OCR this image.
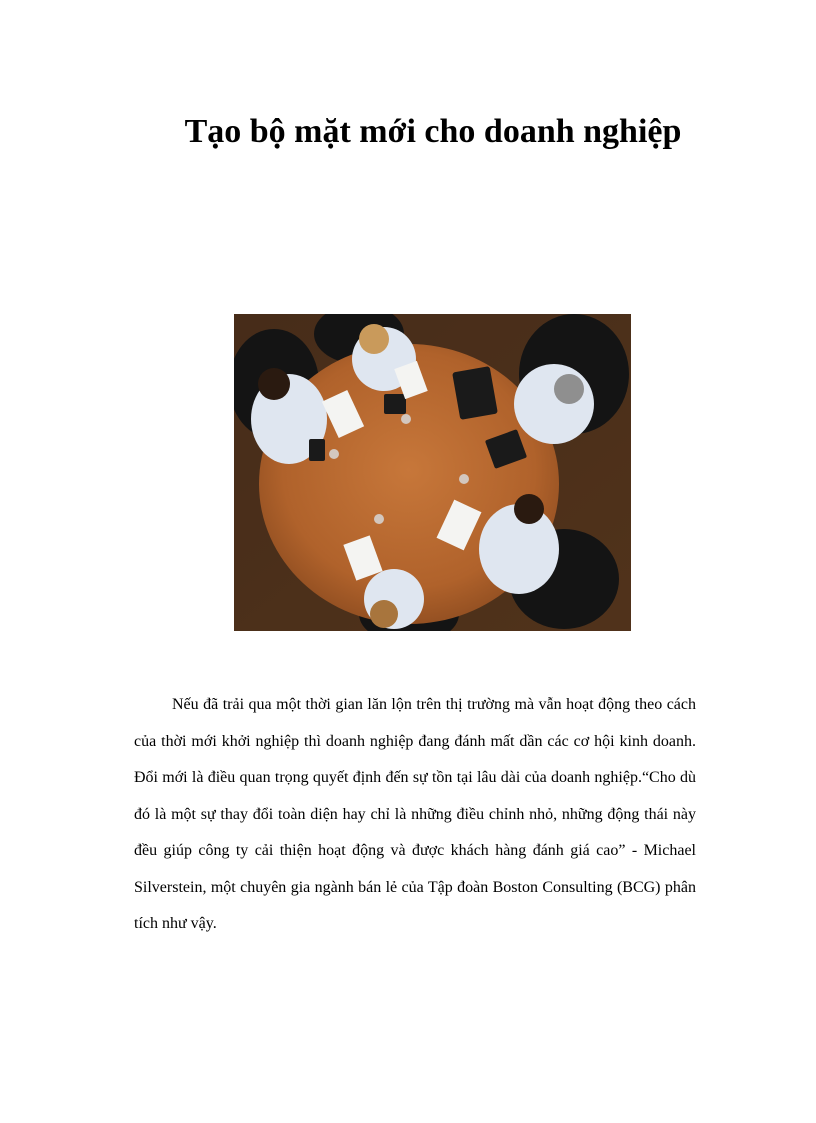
Tạo bộ mặt mới cho doanh nghiệp

Nếu đã trải qua một thời gian lăn lộn trên thị trường mà vẫn hoạt động theo cách của thời mới khởi nghiệp thì doanh nghiệp đang đánh mất dần các cơ hội kinh doanh. Đổi mới là điều quan trọng quyết định đến sự tồn tại lâu dài của doanh nghiệp.“Cho dù đó là một sự thay đổi toàn diện hay chỉ là những điều chỉnh nhỏ, những động thái này đều giúp công ty cải thiện hoạt động và được khách hàng đánh giá cao” - Michael Silverstein, một chuyên gia ngành bán lẻ của Tập đoàn Boston Consulting (BCG) phân tích như vậy.
